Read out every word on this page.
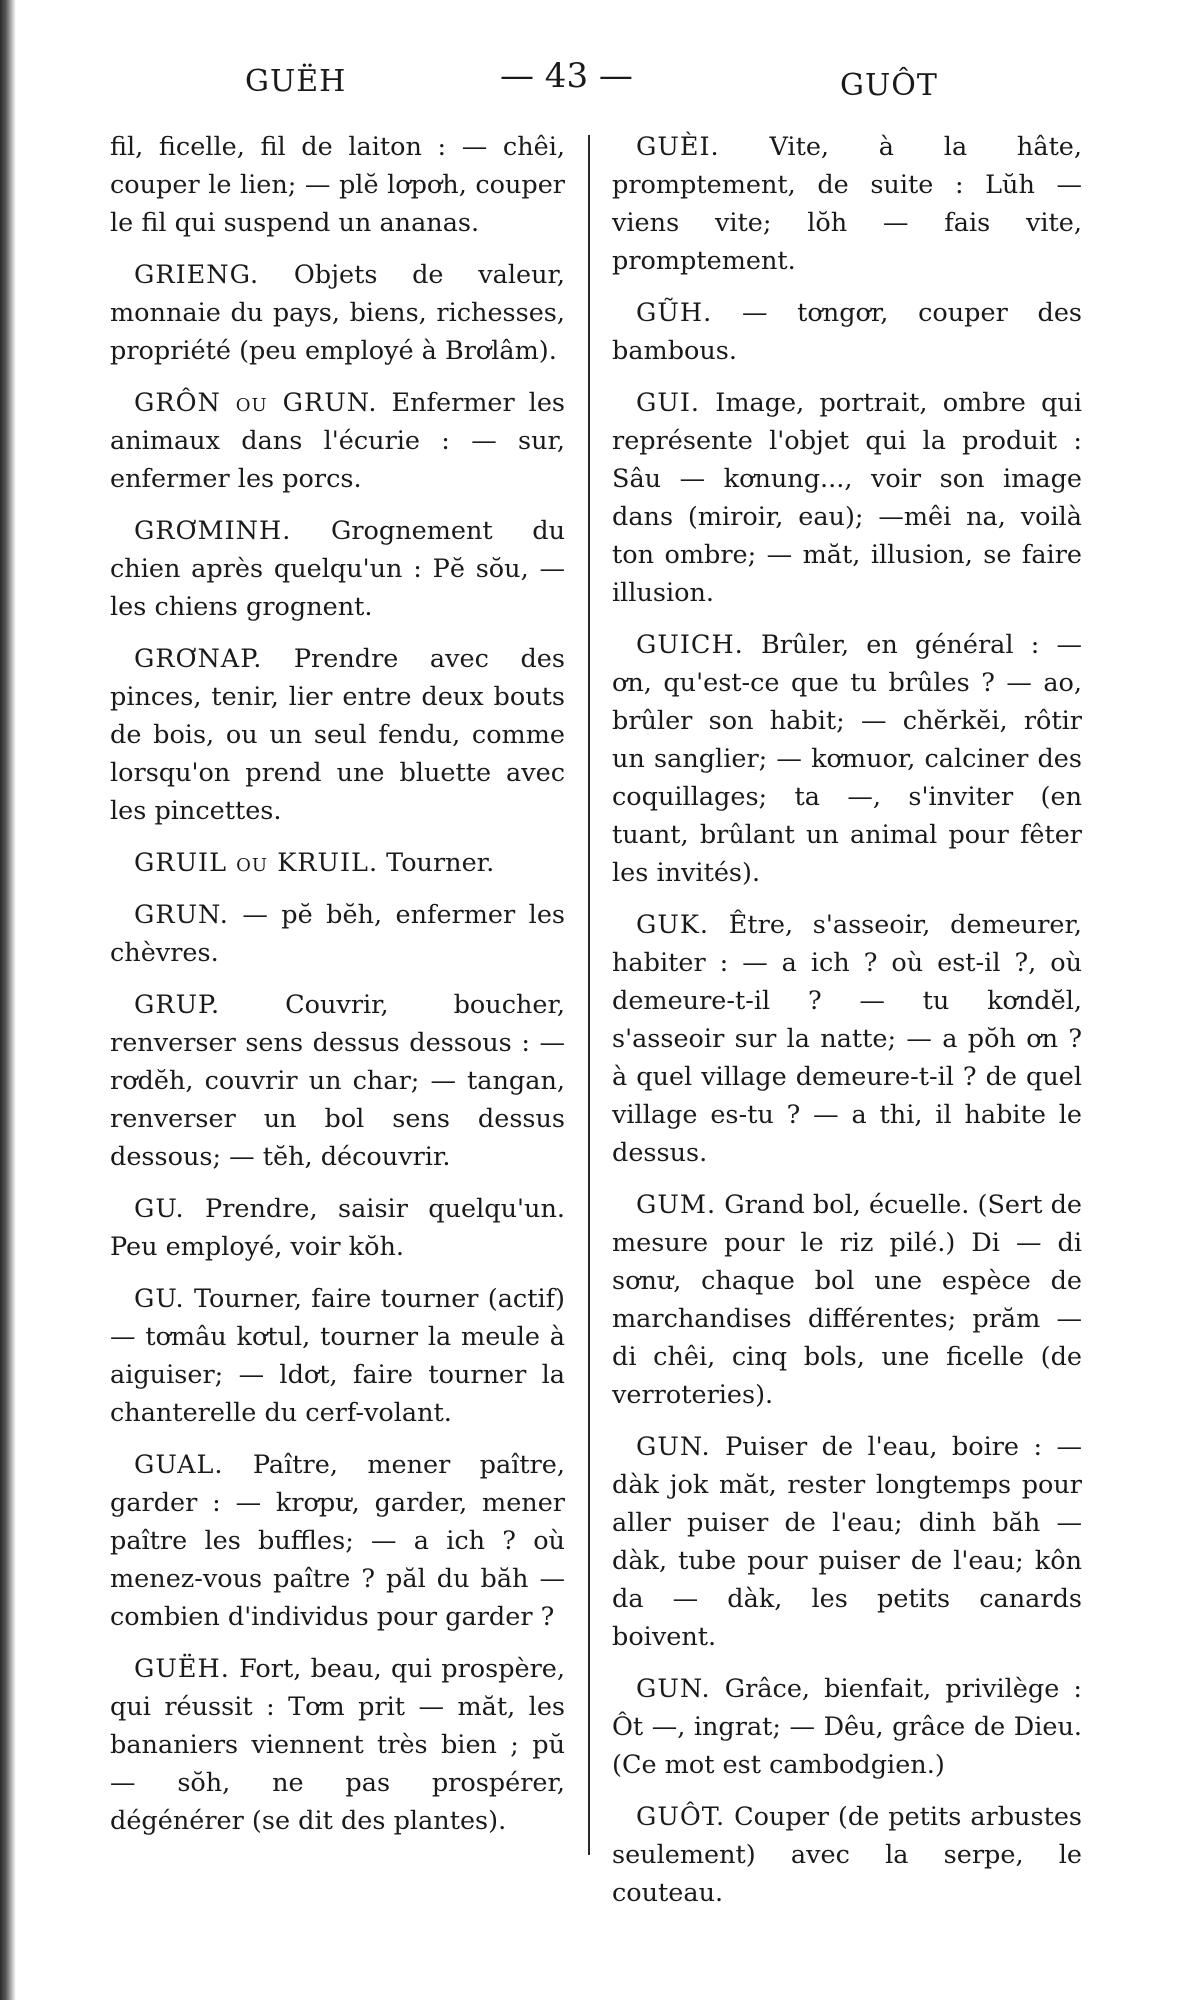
GUËH	— 43 —	GUÔT

fil, ficelle, fil de laiton : — chêi, couper le lien; — plĕ lơpơh, couper le fil qui suspend un ananas.

GRIENG. Objets de valeur, monnaie du pays, biens, richesses, propriété (peu employé à Brơlâm).

GRÔN ou GRUN. Enfermer les animaux dans l'écurie : — sur, enfermer les porcs.

GRƠMINH. Grognement du chien après quelqu'un : Pĕ sŏu, — les chiens grognent.

GRƠNAP. Prendre avec des pinces, tenir, lier entre deux bouts de bois, ou un seul fendu, comme lorsqu'on prend une bluette avec les pincettes.

GRUIL ou KRUIL. Tourner.

GRUN. — pĕ bĕh, enfermer les chèvres.

GRUP.	Couvrir, boucher, renverser sens dessus dessous : — rơdĕh, couvrir un char; — tangan, renverser un bol sens dessus dessous; — tĕh, découvrir.

GU. Prendre, saisir quelqu'un. Peu employé, voir kŏh.

GU. Tourner, faire tourner (actif) — tơmâu kơtul, tourner la meule à aiguiser; — ldơt, faire tourner la chanterelle du cerf-volant.

GUAL. Paître, mener paître, garder : — krơpư, garder, mener paître les buffles; — a ich ? où menez-vous paître ? păl du băh — combien d'individus pour garder ?

GUËH. Fort, beau, qui prospère, qui réussit : Tơm prit — măt, les bananiers viennent très bien ; pŭ — sŏh, ne pas prospérer, dégénérer (se dit des plantes).

GUÈI. Vite, à la hâte, promptement, de suite : Lŭh — viens vite; lŏh — fais vite, promptement.

GŨH. — tơngơr, couper des bambous.

GUI. Image, portrait, ombre qui représente l'objet qui la produit : Sâu — kơnung..., voir son image dans (miroir, eau); —mêi na, voilà ton ombre; — măt, illusion, se faire illusion.

GUICH. Brûler, en général : — ơn, qu'est-ce que tu brûles ? — ao, brûler son habit; — chĕrkĕi, rôtir un sanglier; — kơmuor, calciner des coquillages; ta —, s'inviter (en tuant, brûlant un animal pour fêter les invités).

GUK. Être, s'asseoir, demeurer, habiter : — a ich ? où est-il ?, où demeure-t-il ? — tu kơndĕl, s'asseoir sur la natte; — a pŏh ơn ? à quel village demeure-t-il ? de quel village es-tu ? — a thi, il habite le dessus.

GUM. Grand bol, écuelle. (Sert de mesure pour le riz pilé.) Di — di sơnư, chaque bol une espèce de marchandises différentes; prăm — di chêi, cinq bols, une ficelle (de verroteries).

GUN. Puiser de l'eau, boire : — dàk jok măt, rester longtemps pour aller puiser de l'eau; dinh băh — dàk, tube pour puiser de l'eau; kôn da — dàk, les petits canards boivent.

GUN. Grâce, bienfait, privilège : Ôt —, ingrat; — Dêu, grâce de Dieu. (Ce mot est cambodgien.)

GUÔT. Couper (de petits arbustes seulement) avec la serpe, le couteau.
